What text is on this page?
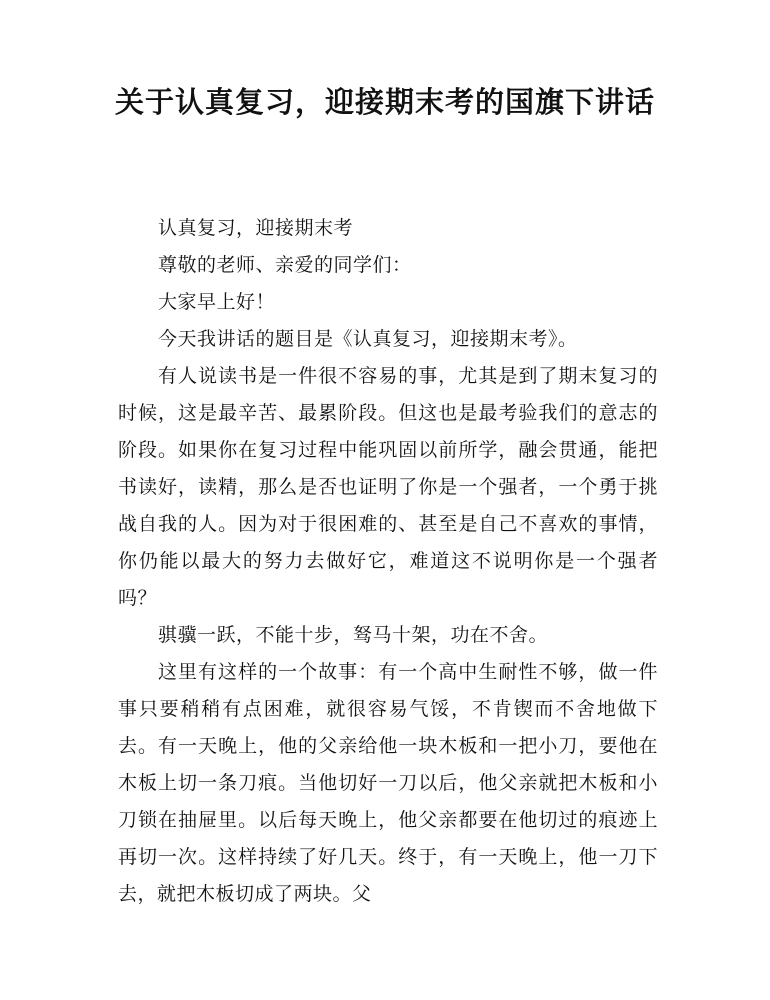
关于认真复习，迎接期末考的国旗下讲话

认真复习，迎接期末考

尊敬的老师、亲爱的同学们：

大家早上好！

今天我讲话的题目是《认真复习，迎接期末考》。

有人说读书是一件很不容易的事，尤其是到了期末复习的时候，这是最辛苦、最累阶段。但这也是最考验我们的意志的阶段。如果你在复习过程中能巩固以前所学，融会贯通，能把书读好，读精，那么是否也证明了你是一个强者，一个勇于挑战自我的人。因为对于很困难的、甚至是自己不喜欢的事情，你仍能以最大的努力去做好它，难道这不说明你是一个强者吗？

骐骥一跃，不能十步，驽马十架，功在不舍。

这里有这样的一个故事：有一个高中生耐性不够，做一件事只要稍稍有点困难，就很容易气馁，不肯锲而不舍地做下去。有一天晚上，他的父亲给他一块木板和一把小刀，要他在木板上切一条刀痕。当他切好一刀以后，他父亲就把木板和小刀锁在抽屉里。以后每天晚上，他父亲都要在他切过的痕迹上再切一次。这样持续了好几天。终于，有一天晚上，他一刀下去，就把木板切成了两块。父
